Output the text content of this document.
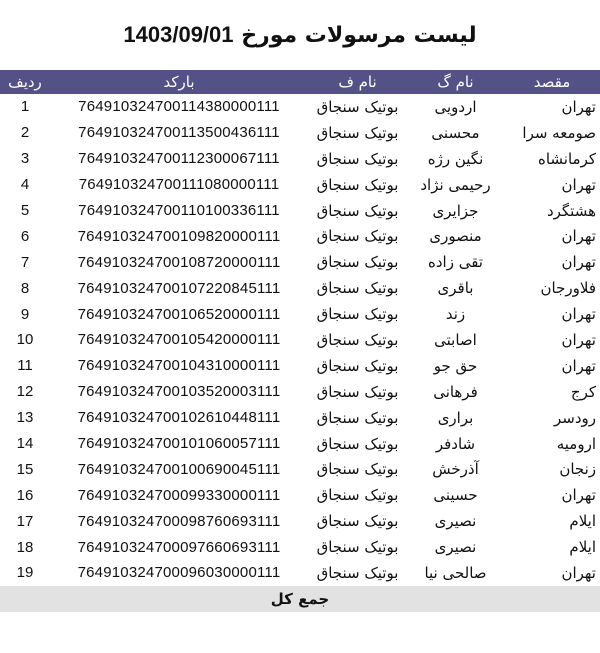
لیست مرسولات مورخ 1403/09/01
ردیف	بارکد	نام ف	نام گ	مقصد
1	764910324700114380000111	بوتیک سنجاق	اردویی	تهران
2	764910324700113500436111	بوتیک سنجاق	محسنی	صومعه سرا
3	764910324700112300067111	بوتیک سنجاق	نگین رژه	کرمانشاه
4	764910324700111080000111	بوتیک سنجاق	رحیمی نژاد	تهران
5	764910324700110100336111	بوتیک سنجاق	جزایری	هشتگرد
6	764910324700109820000111	بوتیک سنجاق	منصوری	تهران
7	764910324700108720000111	بوتیک سنجاق	تقی زاده	تهران
8	764910324700107220845111	بوتیک سنجاق	باقری	فلاورجان
9	764910324700106520000111	بوتیک سنجاق	زند	تهران
10	764910324700105420000111	بوتیک سنجاق	اصابتی	تهران
11	764910324700104310000111	بوتیک سنجاق	حق جو	تهران
12	764910324700103520003111	بوتیک سنجاق	فرهانی	کرج
13	764910324700102610448111	بوتیک سنجاق	براری	رودسر
14	764910324700101060057111	بوتیک سنجاق	شادفر	ارومیه
15	764910324700100690045111	بوتیک سنجاق	آذرخش	زنجان
16	764910324700099330000111	بوتیک سنجاق	حسینی	تهران
17	764910324700098760693111	بوتیک سنجاق	نصیری	ایلام
18	764910324700097660693111	بوتیک سنجاق	نصیری	ایلام
19	764910324700096030000111	بوتیک سنجاق	صالحی نیا	تهران
جمع کل				
